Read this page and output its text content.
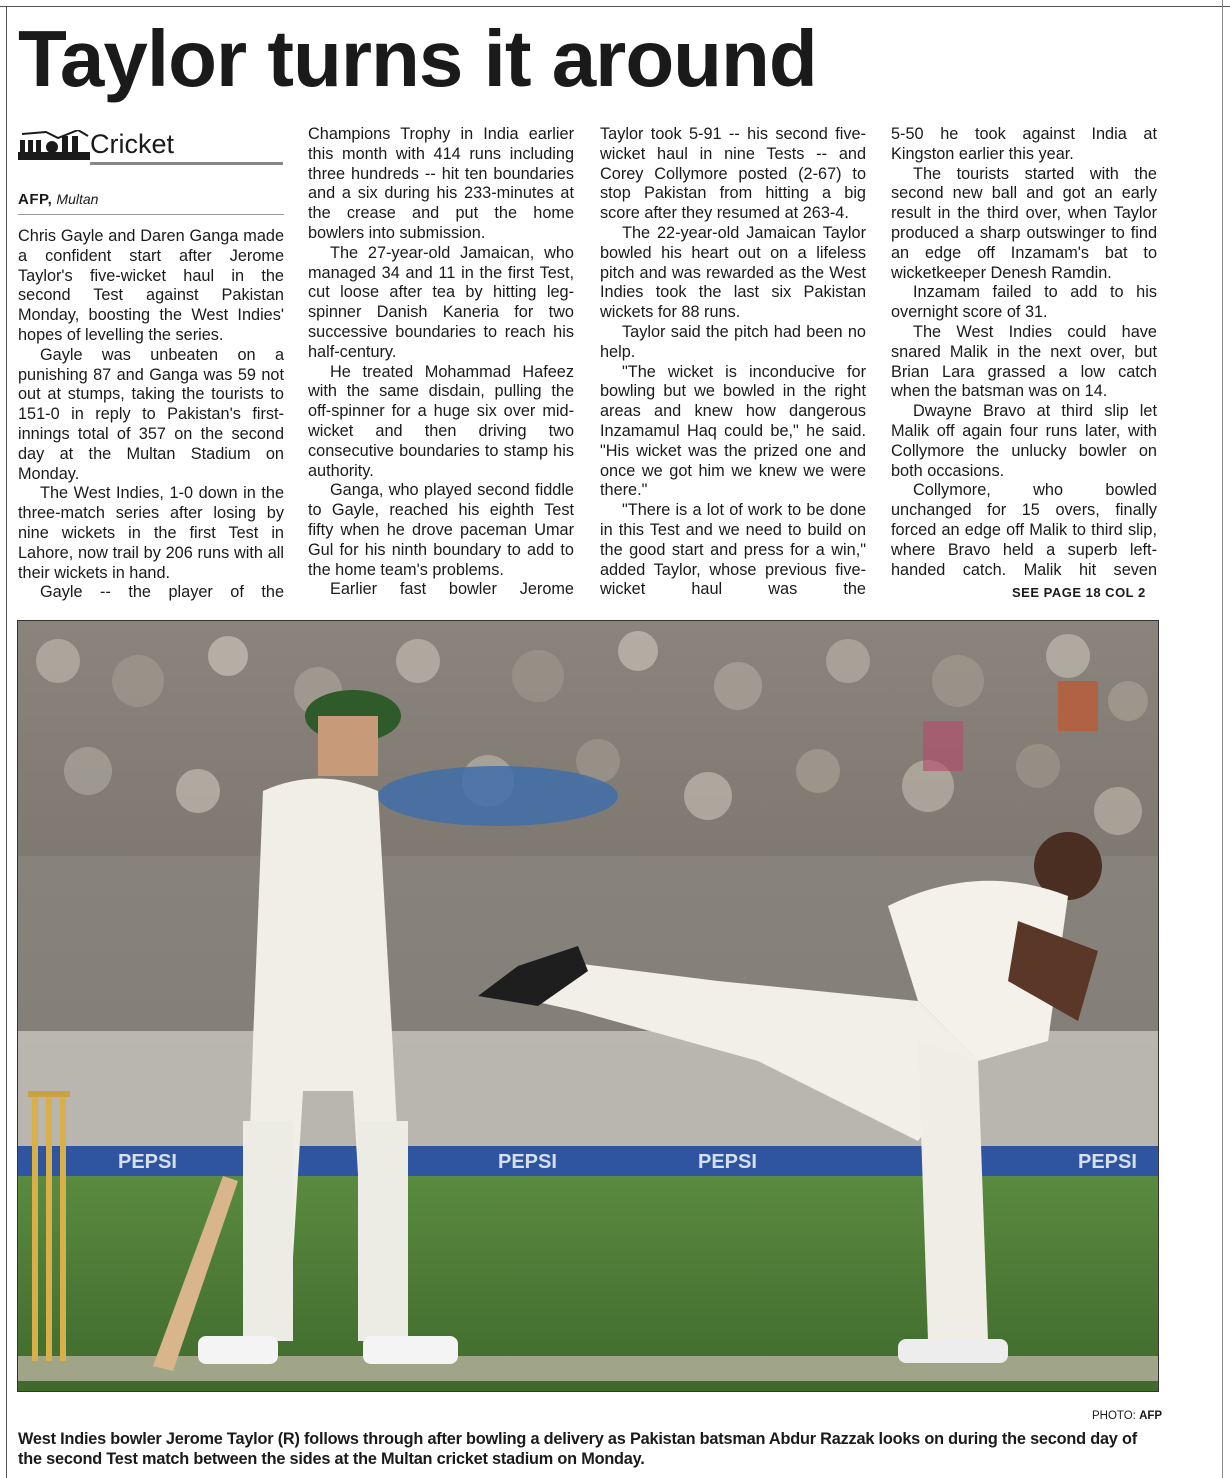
Taylor turns it around
Cricket
AFP, Multan

Chris Gayle and Daren Ganga made a confident start after Jerome Taylor's five-wicket haul in the second Test against Pakistan Monday, boosting the West Indies' hopes of levelling the series.

Gayle was unbeaten on a punishing 87 and Ganga was 59 not out at stumps, taking the tourists to 151-0 in reply to Pakistan's first-innings total of 357 on the second day at the Multan Stadium on Monday.

The West Indies, 1-0 down in the three-match series after losing by nine wickets in the first Test in Lahore, now trail by 206 runs with all their wickets in hand.

Gayle -- the player of the

Champions Trophy in India earlier this month with 414 runs including three hundreds -- hit ten boundaries and a six during his 233-minutes at the crease and put the home bowlers into submission.

The 27-year-old Jamaican, who managed 34 and 11 in the first Test, cut loose after tea by hitting leg-spinner Danish Kaneria for two successive boundaries to reach his half-century.

He treated Mohammad Hafeez with the same disdain, pulling the off-spinner for a huge six over mid-wicket and then driving two consecutive boundaries to stamp his authority.

Ganga, who played second fiddle to Gayle, reached his eighth Test fifty when he drove paceman Umar Gul for his ninth boundary to add to the home team's problems.

Earlier fast bowler Jerome

Taylor took 5-91 -- his second five-wicket haul in nine Tests -- and Corey Collymore posted (2-67) to stop Pakistan from hitting a big score after they resumed at 263-4.

The 22-year-old Jamaican Taylor bowled his heart out on a lifeless pitch and was rewarded as the West Indies took the last six Pakistan wickets for 88 runs.

Taylor said the pitch had been no help.

"The wicket is inconducive for bowling but we bowled in the right areas and knew how dangerous Inzamamul Haq could be," he said. "His wicket was the prized one and once we got him we knew we were there."

"There is a lot of work to be done in this Test and we need to build on the good start and press for a win," added Taylor, whose previous five-wicket haul was the

5-50 he took against India at Kingston earlier this year.

The tourists started with the second new ball and got an early result in the third over, when Taylor produced a sharp outswinger to find an edge off Inzamam's bat to wicketkeeper Denesh Ramdin.

Inzamam failed to add to his overnight score of 31.

The West Indies could have snared Malik in the next over, but Brian Lara grassed a low catch when the batsman was on 14.

Dwayne Bravo at third slip let Malik off again four runs later, with Collymore the unlucky bowler on both occasions.

Collymore, who bowled unchanged for 15 overs, finally forced an edge off Malik to third slip, where Bravo held a superb left-handed catch. Malik hit seven

SEE PAGE 18 COL 2
PEPSI	PEPSI	PEPSI	PEPSI
PHOTO: AFP
West Indies bowler Jerome Taylor (R) follows through after bowling a delivery as Pakistan batsman Abdur Razzak looks on during the second day of the second Test match between the sides at the Multan cricket stadium on Monday.
